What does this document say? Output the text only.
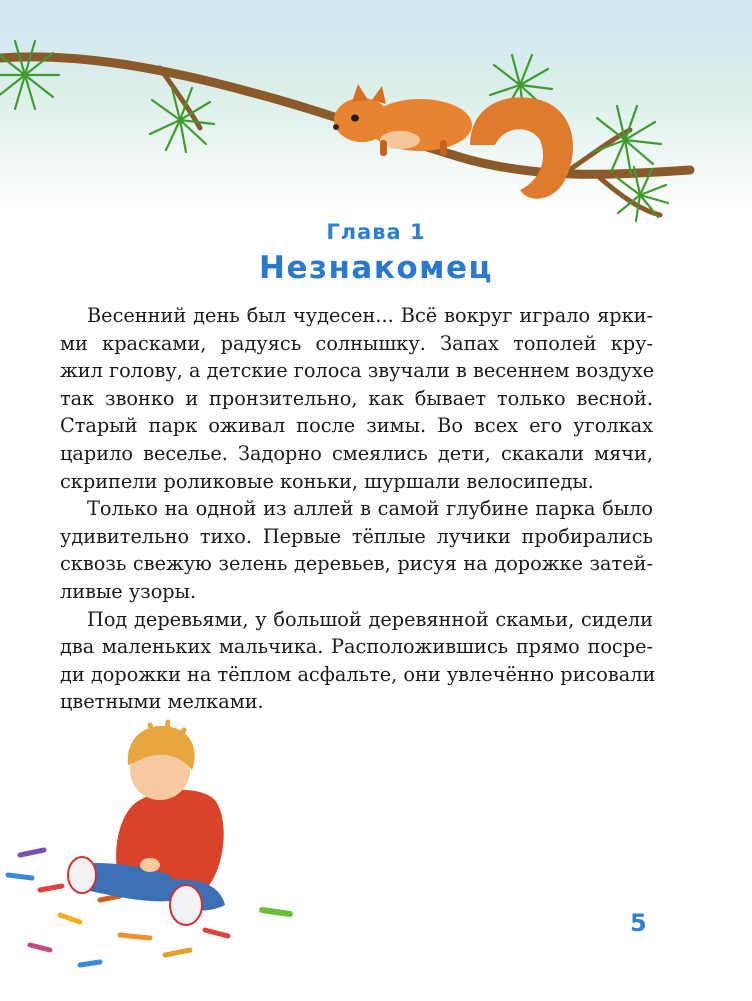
Глава 1
Незнакомец
Весенний день был чудесен... Всё вокруг играло ярки-
ми красками, радуясь солнышку. Запах тополей кру-
жил голову, а детские голоса звучали в весеннем воздухе
так звонко и пронзительно, как бывает только весной.
Старый парк оживал после зимы. Во всех его уголках
царило веселье. Задорно смеялись дети, скакали мячи,
скрипели роликовые коньки, шуршали велосипеды.
Только на одной из аллей в самой глубине парка было
удивительно тихо. Первые тёплые лучики пробирались
сквозь свежую зелень деревьев, рисуя на дорожке затей-
ливые узоры.
Под деревьями, у большой деревянной скамьи, сидели
два маленьких мальчика. Расположившись прямо посре-
ди дорожки на тёплом асфальте, они увлечённо рисовали
цветными мелками.
5
